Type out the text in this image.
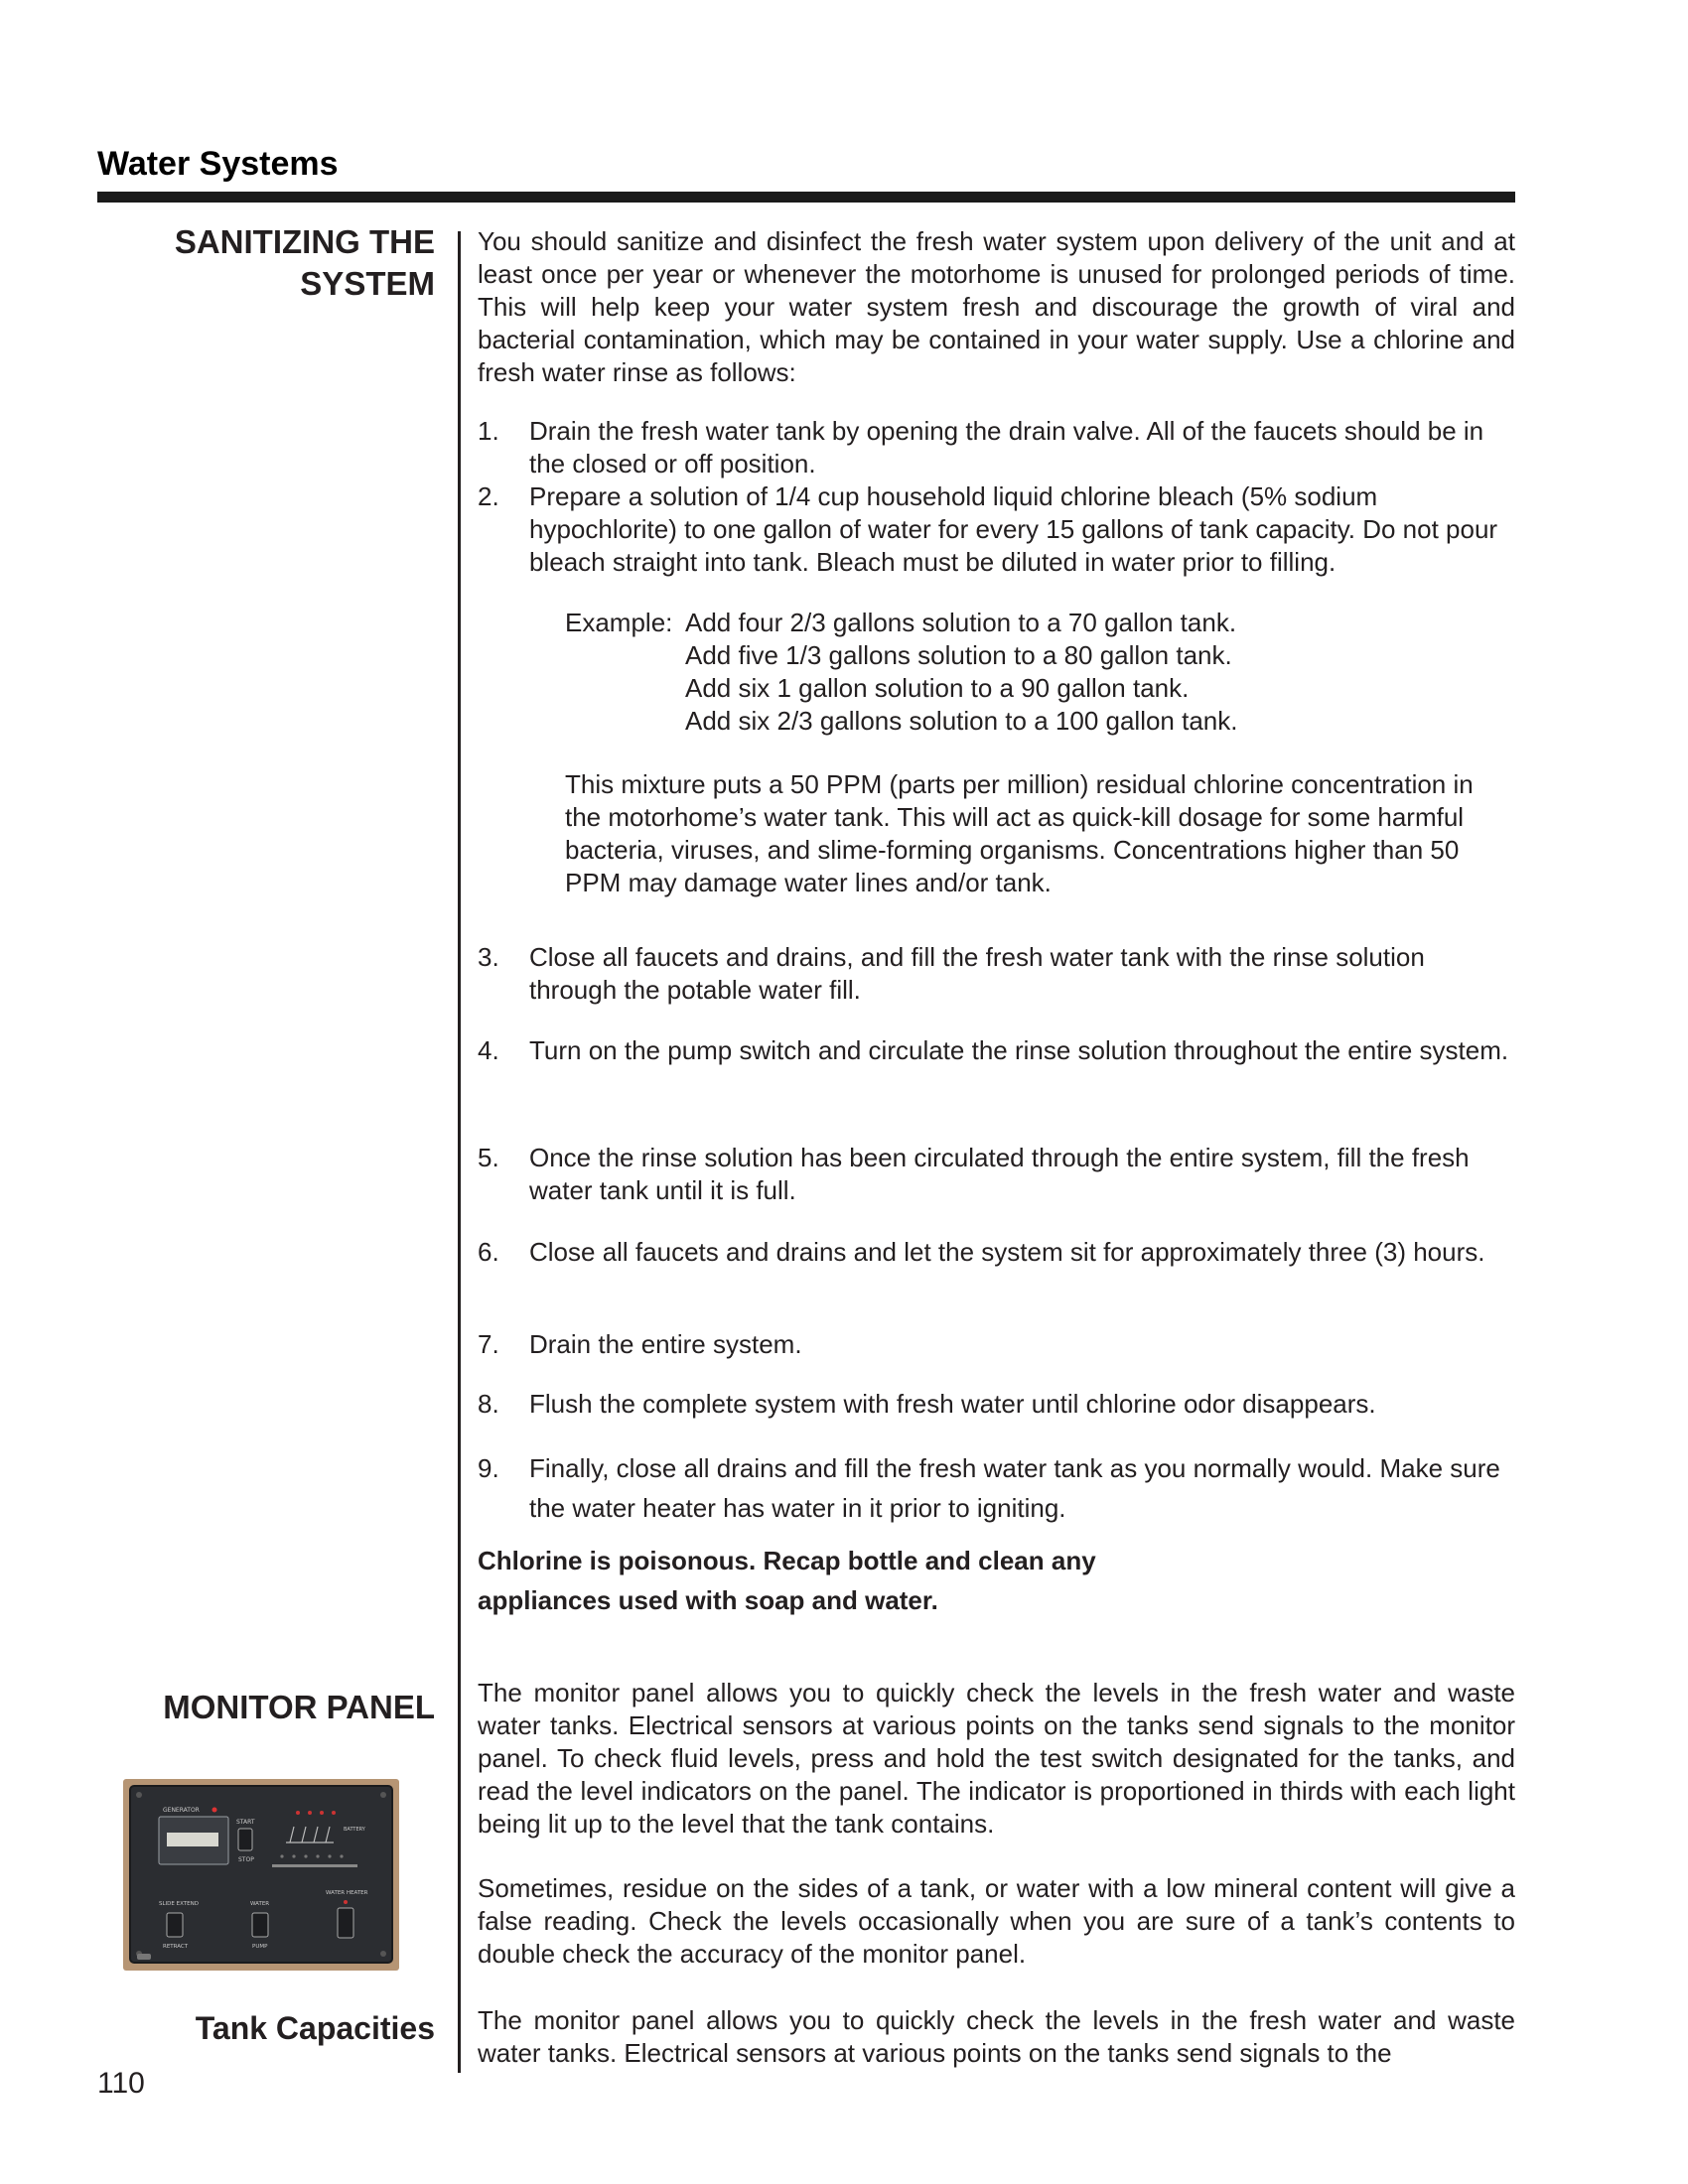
Water Systems
SANITIZING THE
SYSTEM
You should sanitize and disinfect the fresh water system upon delivery of the unit and at least once per year or whenever the motorhome is unused for prolonged periods of time. This will help keep your water system fresh and discourage the growth of viral and bacterial contamination, which may be contained in your water supply. Use a chlorine and fresh water rinse as follows:
1. Drain the fresh water tank by opening the drain valve. All of the faucets should be in the closed or off position.
2. Prepare a solution of 1/4 cup household liquid chlorine bleach (5% sodium hypochlorite) to one gallon of water for every 15 gallons of tank capacity. Do not pour bleach straight into tank. Bleach must be diluted in water prior to filling.
Example: Add four 2/3 gallons solution to a 70 gallon tank.
Add five 1/3 gallons solution to a 80 gallon tank.
Add six 1 gallon solution to a 90 gallon tank.
Add six 2/3 gallons solution to a 100 gallon tank.
This mixture puts a 50 PPM (parts per million) residual chlorine concentration in the motorhome’s water tank. This will act as quick-kill dosage for some harmful bacteria, viruses, and slime-forming organisms. Concentrations higher than 50 PPM may damage water lines and/or tank.
3. Close all faucets and drains, and fill the fresh water tank with the rinse solution through the potable water fill.
4. Turn on the pump switch and circulate the rinse solution throughout the entire system.
5. Once the rinse solution has been circulated through the entire system, fill the fresh water tank until it is full.
6. Close all faucets and drains and let the system sit for approximately three (3) hours.
7. Drain the entire system.
8. Flush the complete system with fresh water until chlorine odor disappears.
9. Finally, close all drains and fill the fresh water tank as you normally would. Make sure the water heater has water in it prior to igniting.
Chlorine is poisonous. Recap bottle and clean any
appliances used with soap and water.
MONITOR PANEL The monitor panel allows you to quickly check the levels in the fresh water and waste water tanks. Electrical sensors at various points on the tanks send signals to the monitor panel. To check fluid levels, press and hold the test switch designated for the tanks, and read the level indicators on the panel. The indicator is proportioned in thirds with each light being lit up to the level that the tank contains.
Sometimes, residue on the sides of a tank, or water with a low mineral content will give a false reading. Check the levels occasionally when you are sure of a tank’s contents to double check the accuracy of the monitor panel.
GENERATOR
START
STOP
BATTERY
SLIDE EXTEND
RETRACT
WATER
PUMP
WATER HEATER
Tank Capacities The monitor panel allows you to quickly check the levels in the fresh water and waste water tanks. Electrical sensors at various points on the tanks send signals to the
110
